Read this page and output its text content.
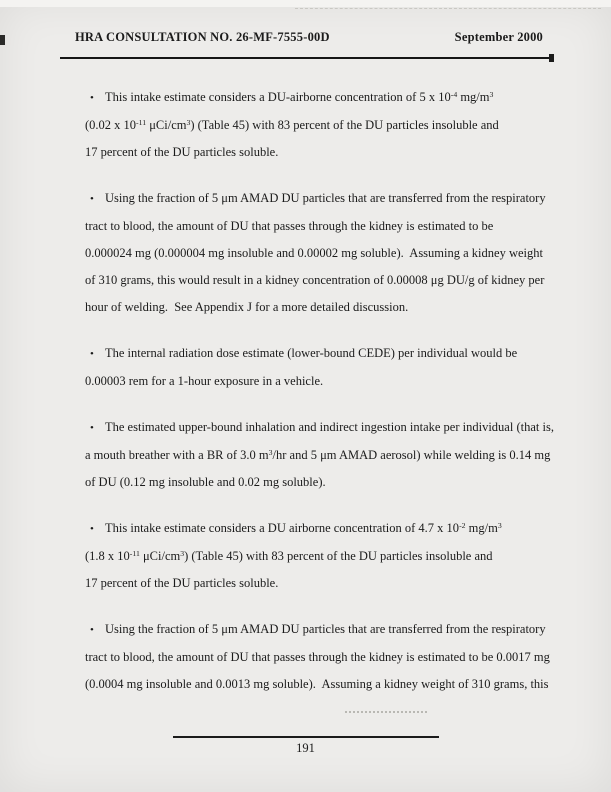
HRA CONSULTATION NO. 26-MF-7555-00D	September 2000
• This intake estimate considers a DU-airborne concentration of 5 x $10^{-4}$ $mg/m^3$
(0.02 x $10^{-11}$ μCi/$cm^3$) (Table 45) with 83 percent of the DU particles insoluble and
17 percent of the DU particles soluble.
• Using the fraction of 5 μm AMAD DU particles that are transferred from the respiratory
tract to blood, the amount of DU that passes through the kidney is estimated to be
0.000024 mg (0.000004 mg insoluble and 0.00002 mg soluble).  Assuming a kidney weight
of 310 grams, this would result in a kidney concentration of 0.00008 μg DU/g of kidney per
hour of welding.  See Appendix J for a more detailed discussion.
• The internal radiation dose estimate (lower-bound CEDE) per individual would be
0.00003 rem for a 1-hour exposure in a vehicle.
• The estimated upper-bound inhalation and indirect ingestion intake per individual (that is,
a mouth breather with a BR of 3.0 $m^3/hr$ and 5 μm AMAD aerosol) while welding is 0.14 mg
of DU (0.12 mg insoluble and 0.02 mg soluble).
• This intake estimate considers a DU airborne concentration of 4.7 x $10^{-2}$ $mg/m^3$
(1.8 x $10^{-11}$ μCi/$cm^3$) (Table 45) with 83 percent of the DU particles insoluble and
17 percent of the DU particles soluble.
• Using the fraction of 5 μm AMAD DU particles that are transferred from the respiratory
tract to blood, the amount of DU that passes through the kidney is estimated to be 0.0017 mg
(0.0004 mg insoluble and 0.0013 mg soluble).  Assuming a kidney weight of 310 grams, this
191
